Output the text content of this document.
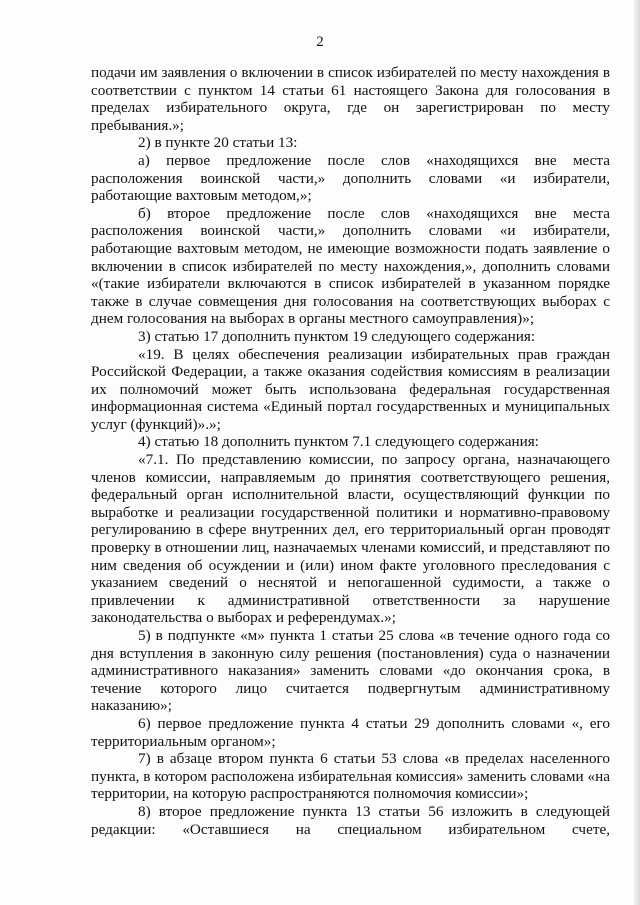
2

подачи им заявления о включении в список избирателей по месту нахождения в соответствии с пунктом 14 статьи 61 настоящего Закона для голосования в пределах избирательного округа, где он зарегистрирован по месту пребывания.»;

2) в пункте 20 статьи 13:

а) первое предложение после слов «находящихся вне места расположения воинской части,» дополнить словами «и избиратели, работающие вахтовым методом,»;

б) второе предложение после слов «находящихся вне места расположения воинской части,» дополнить словами «и избиратели, работающие вахтовым методом, не имеющие возможности подать заявление о включении в список избирателей по месту нахождения,», дополнить словами «(такие избиратели включаются в список избирателей в указанном порядке также в случае совмещения дня голосования на соответствующих выборах с днем голосования на выборах в органы местного самоуправления)»;

3) статью 17 дополнить пунктом 19 следующего содержания:

«19. В целях обеспечения реализации избирательных прав граждан Российской Федерации, а также оказания содействия комиссиям в реализации их полномочий может быть использована федеральная государственная информационная система «Единый портал государственных и муниципальных услуг (функций)».»;

4) статью 18 дополнить пунктом 7.1 следующего содержания:

«7.1. По представлению комиссии, по запросу органа, назначающего членов комиссии, направляемым до принятия соответствующего решения, федеральный орган исполнительной власти, осуществляющий функции по выработке и реализации государственной политики и нормативно-правовому регулированию в сфере внутренних дел, его территориальный орган проводят проверку в отношении лиц, назначаемых членами комиссий, и представляют по ним сведения об осуждении и (или) ином факте уголовного преследования с указанием сведений о неснятой и непогашенной судимости, а также о привлечении к административной ответственности за нарушение законодательства о выборах и референдумах.»;

5) в подпункте «м» пункта 1 статьи 25 слова «в течение одного года со дня вступления в законную силу решения (постановления) суда о назначении административного наказания» заменить словами «до окончания срока, в течение которого лицо считается подвергнутым административному наказанию»;

6) первое предложение пункта 4 статьи 29 дополнить словами «, его территориальным органом»;

7) в абзаце втором пункта 6 статьи 53 слова «в пределах населенного пункта, в котором расположена избирательная комиссия» заменить словами «на территории, на которую распространяются полномочия комиссии»;

8) второе предложение пункта 13 статьи 56 изложить в следующей редакции: «Оставшиеся на специальном избирательном счете,
